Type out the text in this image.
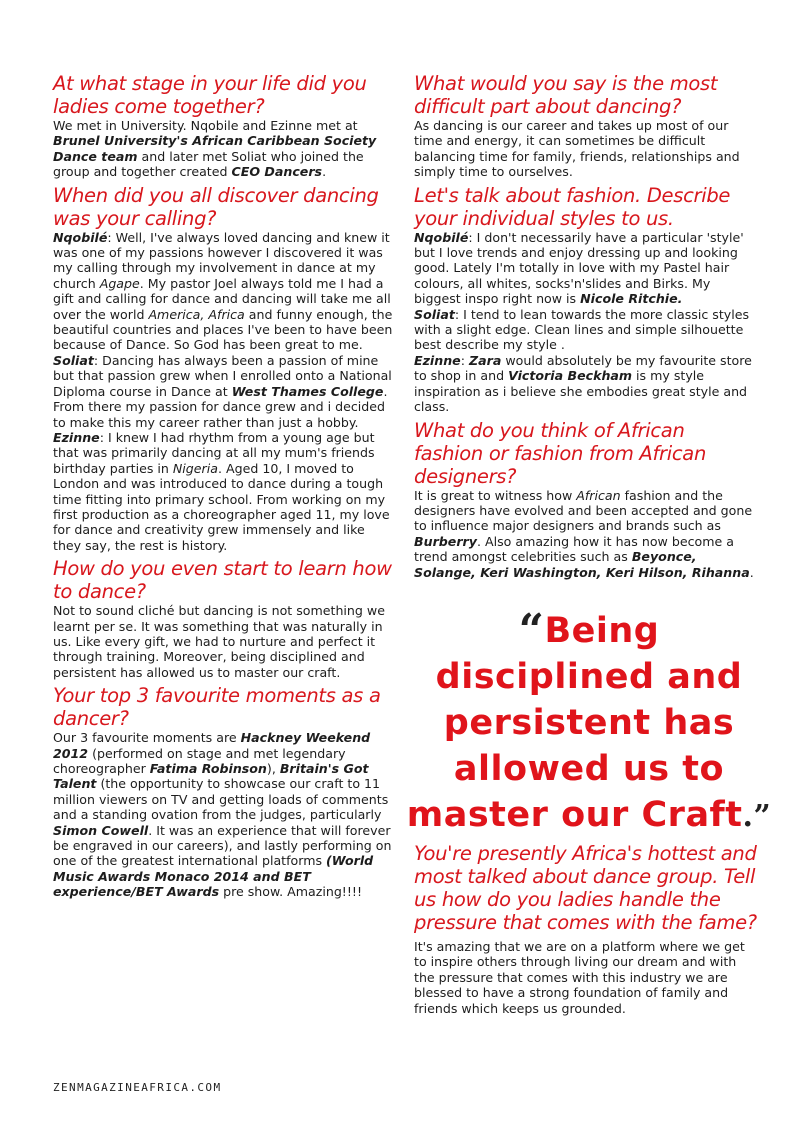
At what stage in your life did you ladies come together?

We met in University. Nqobile and Ezinne met at Brunel University's African Caribbean Society Dance team and later met Soliat who joined the group and together created CEO Dancers.

When did you all discover dancing was your calling?

Nqobilé: Well, I've always loved dancing and knew it was one of my passions however I discovered it was my calling through my involvement in dance at my church Agape. My pastor Joel always told me I had a gift and calling for dance and dancing will take me all over the world America, Africa and funny enough, the beautiful countries and places I've been to have been because of Dance. So God has been great to me.
Soliat: Dancing has always been a passion of mine but that passion grew when I enrolled onto a National Diploma course in Dance at West Thames College. From there my passion for dance grew and i decided to make this my career rather than just a hobby.
Ezinne: I knew I had rhythm from a young age but that was primarily dancing at all my mum's friends birthday parties in Nigeria. Aged 10, I moved to London and was introduced to dance during a tough time fitting into primary school. From working on my first production as a choreographer aged 11, my love for dance and creativity grew immensely and like they say, the rest is history.

How do you even start to learn how to dance?

Not to sound cliché but dancing is not something we learnt per se. It was something that was naturally in us. Like every gift, we had to nurture and perfect it through training. Moreover, being disciplined and persistent has allowed us to master our craft.

Your top 3 favourite moments as a dancer?

Our 3 favourite moments are Hackney Weekend 2012 (performed on stage and met legendary choreographer Fatima Robinson), Britain's Got Talent (the opportunity to showcase our craft to 11 million viewers on TV and getting loads of comments and a standing ovation from the judges, particularly Simon Cowell. It was an experience that will forever be engraved in our careers), and lastly performing on one of the greatest international platforms (World Music Awards Monaco 2014 and BET experience/BET Awards pre show. Amazing!!!!

What would you say is the most difficult part about dancing?

As dancing is our career and takes up most of our time and energy, it can sometimes be difficult balancing time for family, friends, relationships and simply time to ourselves.

Let's talk about fashion. Describe your individual styles to us.

Nqobilé: I don't necessarily have a particular 'style' but I love trends and enjoy dressing up and looking good. Lately I'm totally in love with my Pastel hair colours, all whites, socks'n'slides and Birks. My biggest inspo right now is Nicole Ritchie.
Soliat: I tend to lean towards the more classic styles with a slight edge. Clean lines and simple silhouette best describe my style .
Ezinne: Zara would absolutely be my favourite store to shop in and Victoria Beckham is my style inspiration as i believe she embodies great style and class.

What do you think of African fashion or fashion from African designers?

It is great to witness how African fashion and the designers have evolved and been accepted and gone to influence major designers and brands such as Burberry. Also amazing how it has now become a trend amongst celebrities such as Beyonce, Solange, Keri Washington, Keri Hilson, Rihanna.

“Being disciplined and persistent has allowed us to master our Craft.”
You're presently Africa's hottest and most talked about dance group. Tell us how do you ladies handle the pressure that comes with the fame?

It's amazing that we are on a platform where we get to inspire others through living our dream and with the pressure that comes with this industry we are blessed to have a strong foundation of family and friends which keeps us grounded.

ZENMAGAZINEAFRICA.COM
